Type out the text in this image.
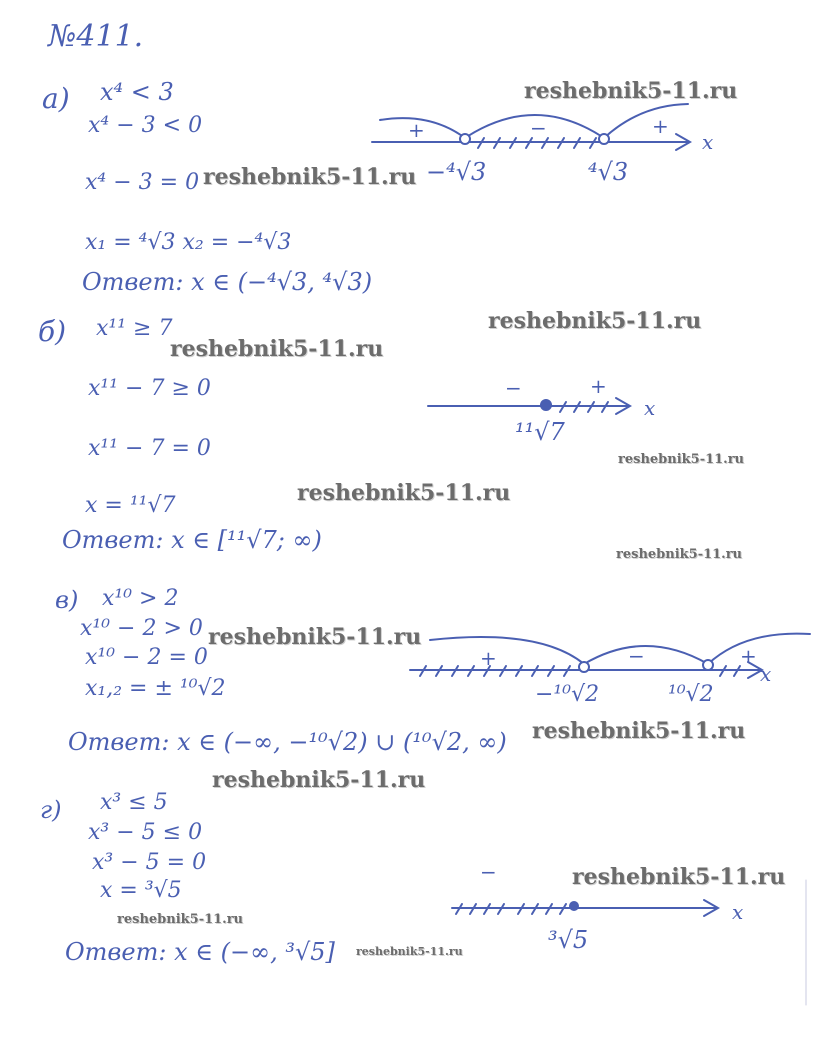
№411.
а) x⁴ < 3
x⁴ − 3 < 0
x⁴ − 3 = 0
x₁ = ⁴√3 x₂ = −⁴√3
Ответ: x ∈ (−⁴√3, ⁴√3)
+	−	+
x
−⁴√3	⁴√3
б) x¹¹ ≥ 7
x¹¹ − 7 ≥ 0
x¹¹ − 7 = 0
x = ¹¹√7
Ответ: x ∈ [¹¹√7; ∞)
−	+
x
¹¹√7
в) x¹⁰ > 2
x¹⁰ − 2 > 0
x¹⁰ − 2 = 0
x₁,₂ = ± ¹⁰√2
Ответ: x ∈ (−∞, −¹⁰√2) ∪ (¹⁰√2, ∞)
+	−	+
x
−¹⁰√2	¹⁰√2
г) x³ ≤ 5
x³ − 5 ≤ 0
x³ − 5 = 0
x = ³√5
Ответ: x ∈ (−∞, ³√5]
−
x
³√5
reshebnik5-11.ru
reshebnik5-11.ru
reshebnik5-11.ru
reshebnik5-11.ru
reshebnik5-11.ru
reshebnik5-11.ru
reshebnik5-11.ru
reshebnik5-11.ru
reshebnik5-11.ru
reshebnik5-11.ru
reshebnik5-11.ru
reshebnik5-11.ru
reshebnik5-11.ru
